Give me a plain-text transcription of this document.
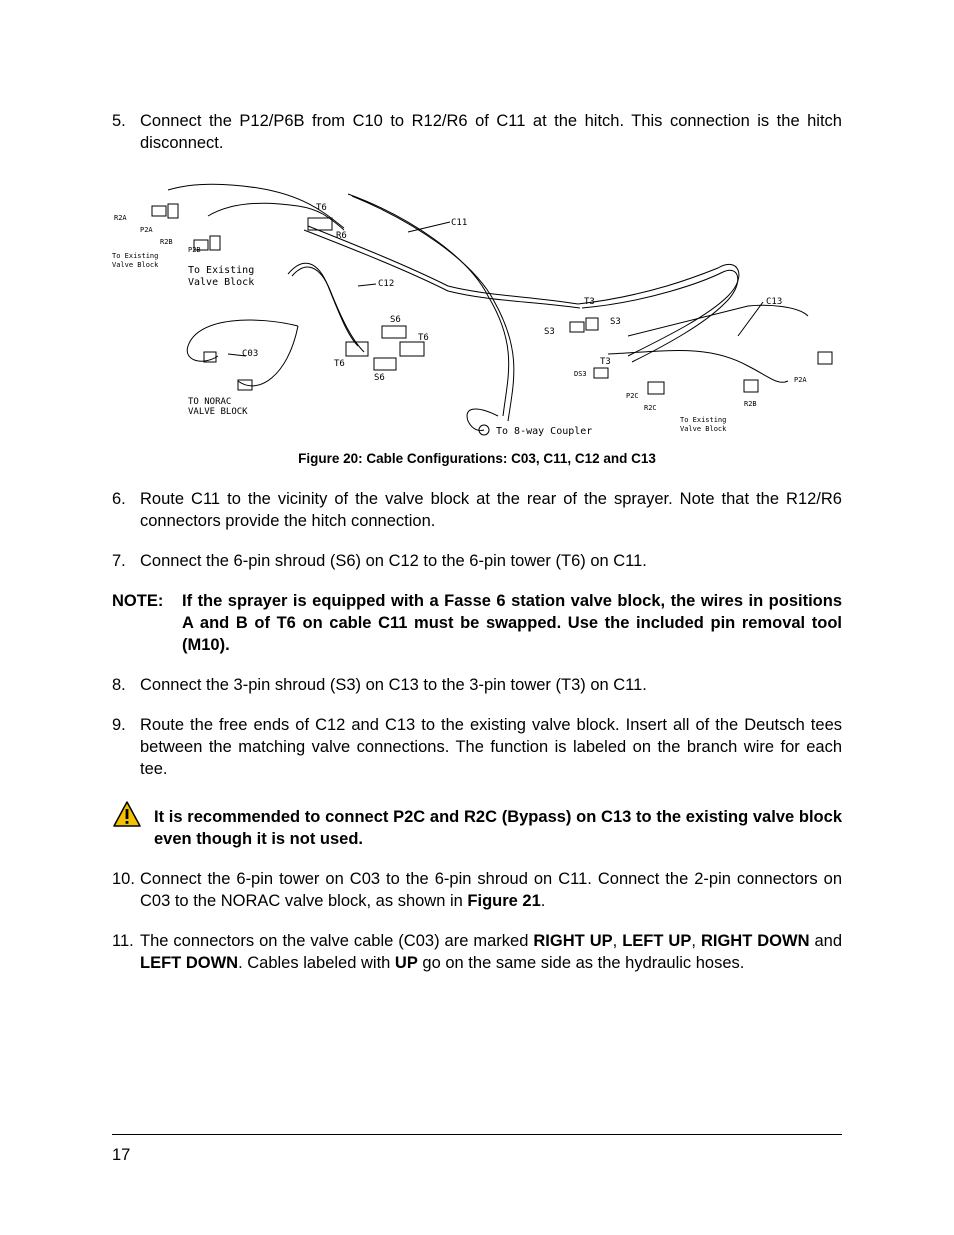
5. Connect the P12/P6B from C10 to R12/R6 of C11 at the hitch. This connection is the hitch disconnect.
C11
C12
C13
C03
T6
R6
S6
T6
T6
S6
T3
S3
S3
T3
DS3
R2A
P2A
R2B
P2B
P2C
R2C
P2A
R2B
To Existing
Valve Block	To Existing
Valve Block
To Existing
Valve Block
TO NORAC
VALVE BLOCK
To 8-way Coupler
Figure 20: Cable Configurations: C03, C11, C12 and C13
6. Route C11 to the vicinity of the valve block at the rear of the sprayer. Note that the R12/R6 connectors provide the hitch connection.
7. Connect the 6-pin shroud (S6) on C12 to the 6-pin tower (T6) on C11.
NOTE: If the sprayer is equipped with a Fasse 6 station valve block, the wires in positions A and B of T6 on cable C11 must be swapped. Use the included pin removal tool (M10).
8. Connect the 3-pin shroud (S3) on C13 to the 3-pin tower (T3) on C11.
9. Route the free ends of C12 and C13 to the existing valve block. Insert all of the Deutsch tees between the matching valve connections. The function is labeled on the branch wire for each tee.
It is recommended to connect P2C and R2C (Bypass) on C13 to the existing valve block even though it is not used.
10. Connect the 6-pin tower on C03 to the 6-pin shroud on C11. Connect the 2-pin connectors on C03 to the NORAC valve block, as shown in Figure 21.
11. The connectors on the valve cable (C03) are marked RIGHT UP, LEFT UP, RIGHT DOWN and LEFT DOWN. Cables labeled with UP go on the same side as the hydraulic hoses.
17
